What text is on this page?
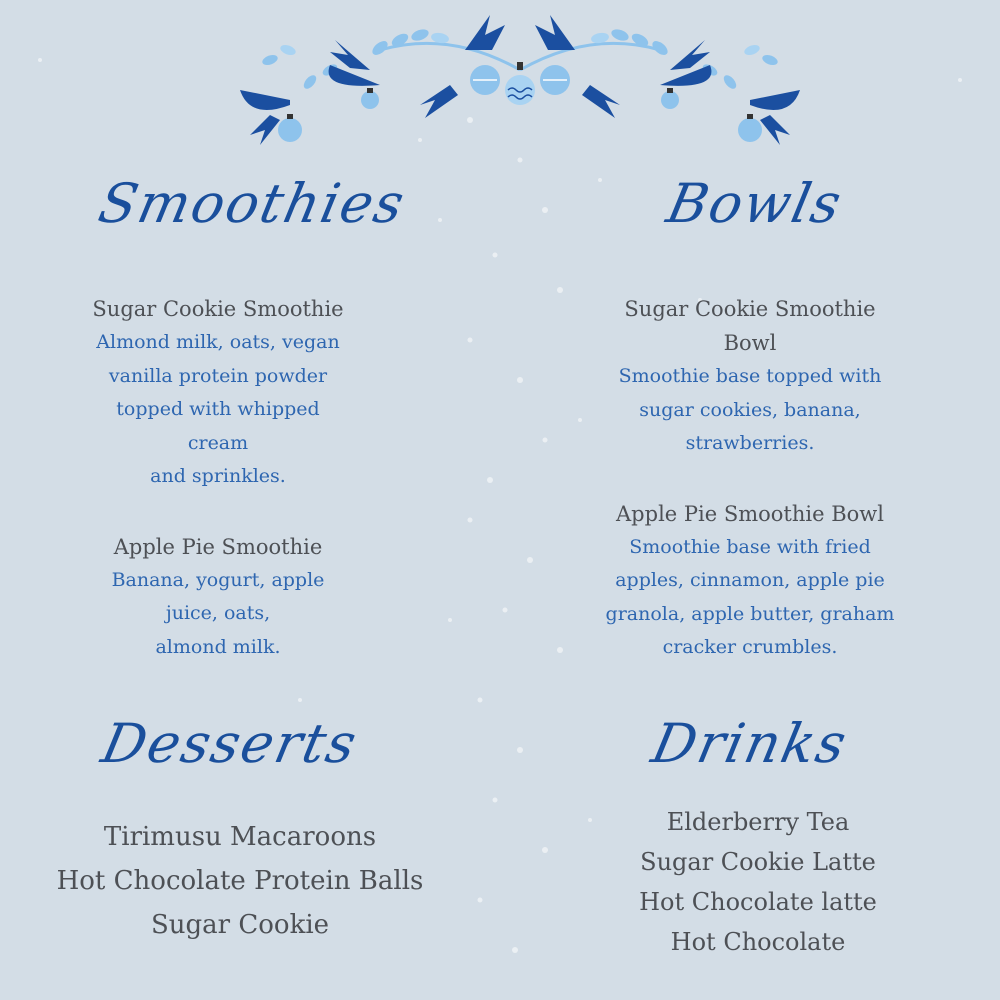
Smoothies

Sugar Cookie Smoothie

Almond milk, oats, vegan

vanilla protein powder

topped with whipped

cream

and sprinkles.

Apple Pie Smoothie

Banana, yogurt, apple

juice, oats,

almond milk.

Bowls

Sugar Cookie Smoothie

Bowl

Smoothie base topped with

sugar cookies, banana,

strawberries.

Apple Pie Smoothie Bowl

Smoothie base with fried

apples, cinnamon, apple pie

granola, apple butter, graham

cracker crumbles.

Desserts

Tirimusu Macaroons

Hot Chocolate Protein Balls

Sugar Cookie

Drinks

Elderberry Tea

Sugar Cookie Latte

Hot Chocolate latte

Hot Chocolate
